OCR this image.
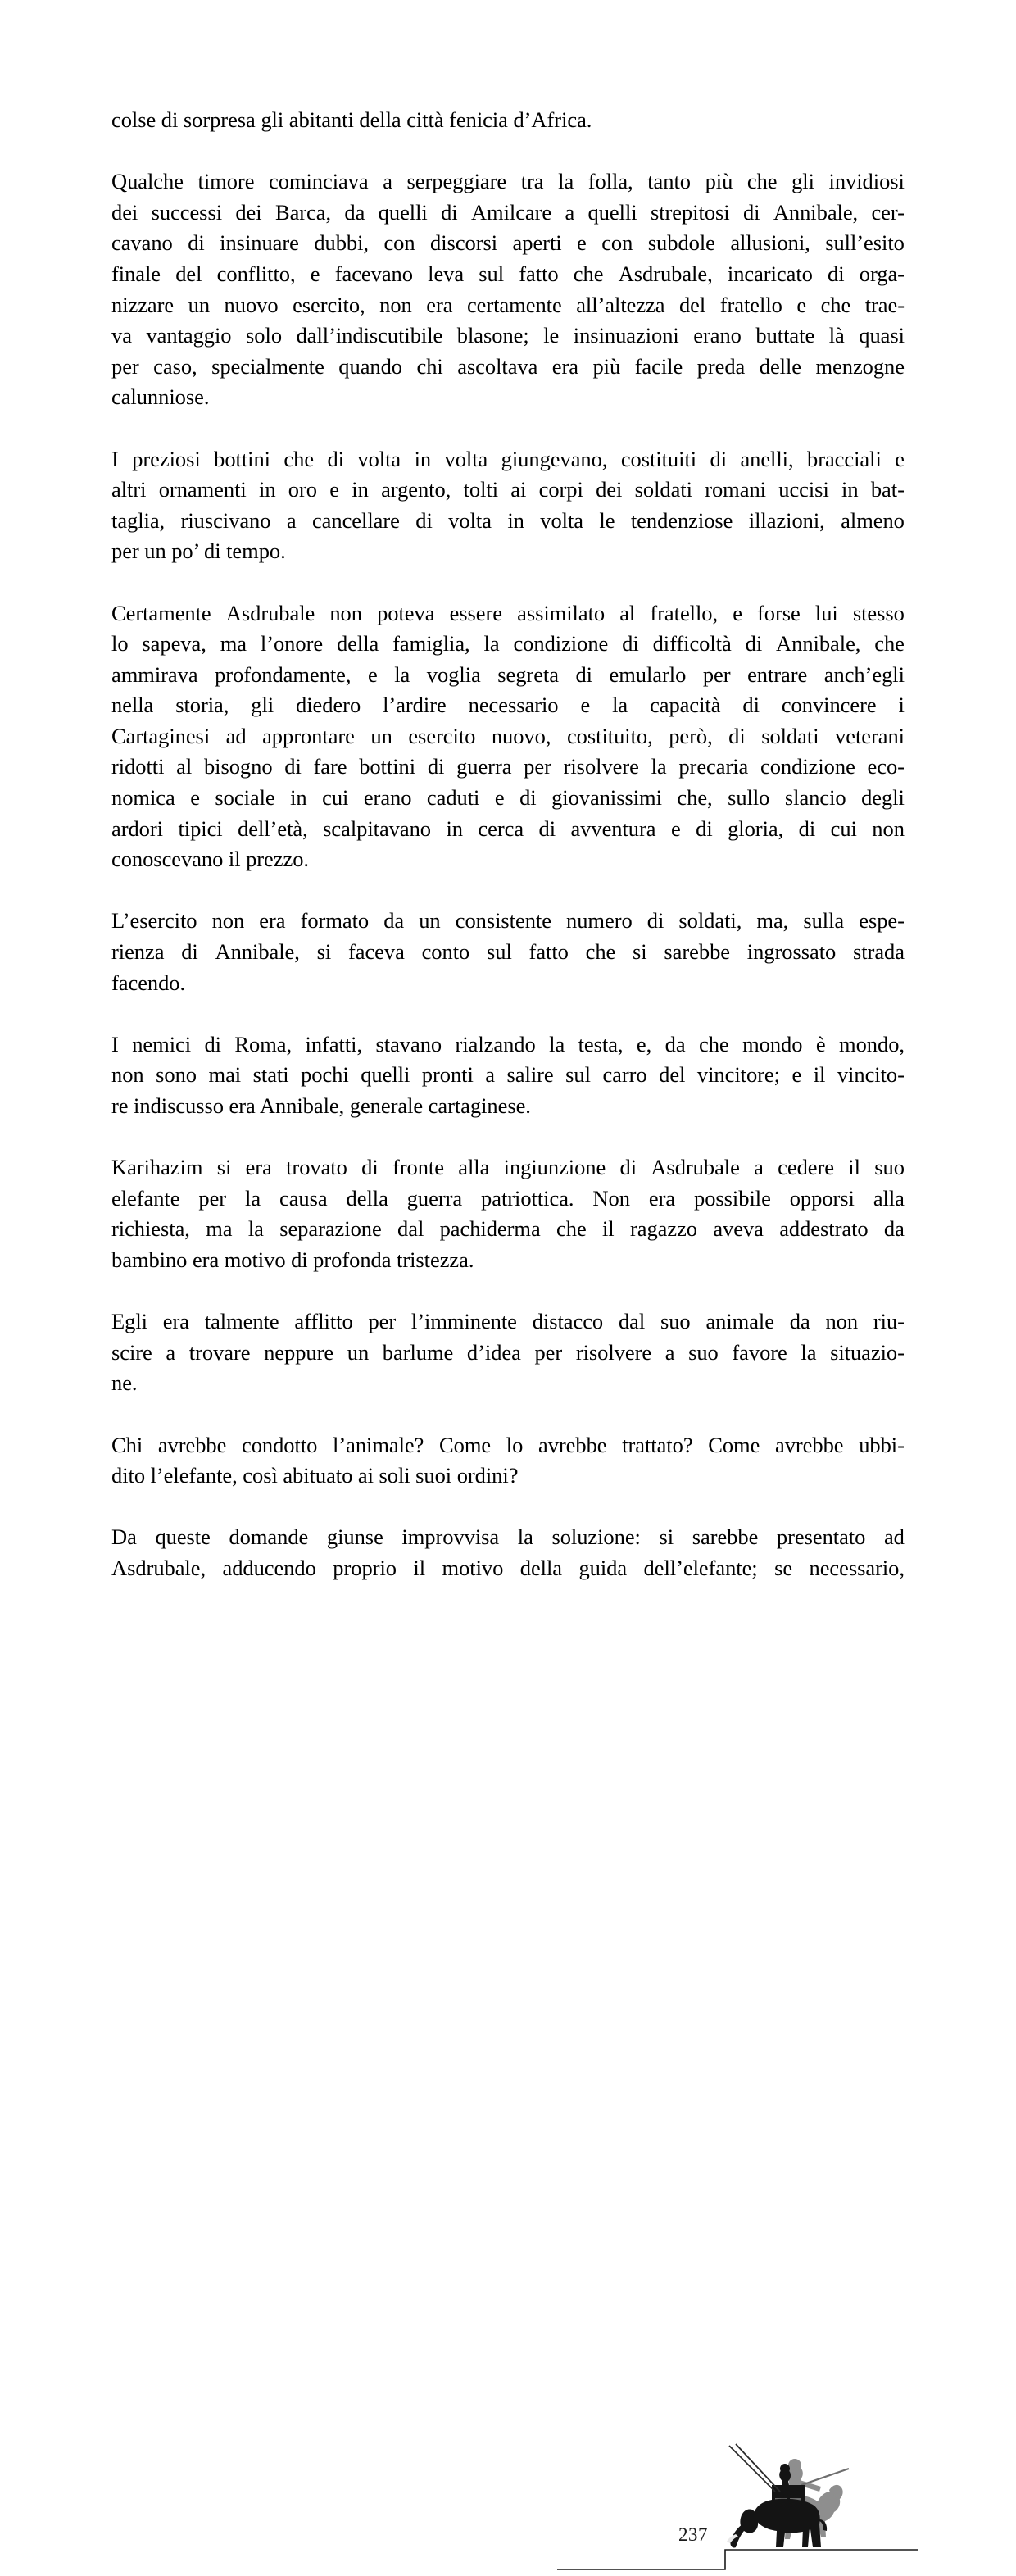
colse di sorpresa gli abitanti della città fenicia d’Africa.

Qualche timore cominciava a serpeggiare tra la folla, tanto più che gli invidiosi
dei successi dei Barca, da quelli di Amilcare a quelli strepitosi di Annibale, cer-
cavano di insinuare dubbi, con discorsi aperti e con subdole allusioni, sull’esito
finale del conflitto, e facevano leva sul fatto che Asdrubale, incaricato di orga-
nizzare un nuovo esercito, non era certamente all’altezza del fratello e che trae-
va vantaggio solo dall’indiscutibile blasone; le insinuazioni erano buttate là quasi
per caso, specialmente quando chi ascoltava era più facile preda delle menzogne
calunniose.

I preziosi bottini che di volta in volta giungevano, costituiti di anelli, bracciali e
altri ornamenti in oro e in argento, tolti ai corpi dei soldati romani uccisi in bat-
taglia, riuscivano a cancellare di volta in volta le tendenziose illazioni, almeno
per un po’ di tempo.

Certamente Asdrubale non poteva essere assimilato al fratello, e forse lui stesso
lo sapeva, ma l’onore della famiglia, la condizione di difficoltà di Annibale, che
ammirava profondamente, e la voglia segreta di emularlo per entrare anch’egli
nella storia, gli diedero l’ardire necessario e la capacità di convincere i
Cartaginesi ad approntare un esercito nuovo, costituito, però, di soldati veterani
ridotti al bisogno di fare bottini di guerra per risolvere la precaria condizione eco-
nomica e sociale in cui erano caduti e di giovanissimi che, sullo slancio degli
ardori tipici dell’età, scalpitavano in cerca di avventura e di gloria, di cui non
conoscevano il prezzo.

L’esercito non era formato da un consistente numero di soldati, ma, sulla espe-
rienza di Annibale, si faceva conto sul fatto che si sarebbe ingrossato strada
facendo.

I nemici di Roma, infatti, stavano rialzando la testa, e, da che mondo è mondo,
non sono mai stati pochi quelli pronti a salire sul carro del vincitore; e il vincito-
re indiscusso era Annibale, generale cartaginese.

Karihazim si era trovato di fronte alla ingiunzione di Asdrubale a cedere il suo
elefante per la causa della guerra patriottica. Non era possibile opporsi alla
richiesta, ma la separazione dal pachiderma che il ragazzo aveva addestrato da
bambino era motivo di profonda tristezza.

Egli era talmente afflitto per l’imminente distacco dal suo animale da non riu-
scire a trovare neppure un barlume d’idea per risolvere a suo favore la situazio-
ne.

Chi avrebbe condotto l’animale? Come lo avrebbe trattato? Come avrebbe ubbi-
dito l’elefante, così abituato ai soli suoi ordini?

Da queste domande giunse improvvisa la soluzione: si sarebbe presentato ad
Asdrubale, adducendo proprio il motivo della guida dell’elefante; se necessario,

237
